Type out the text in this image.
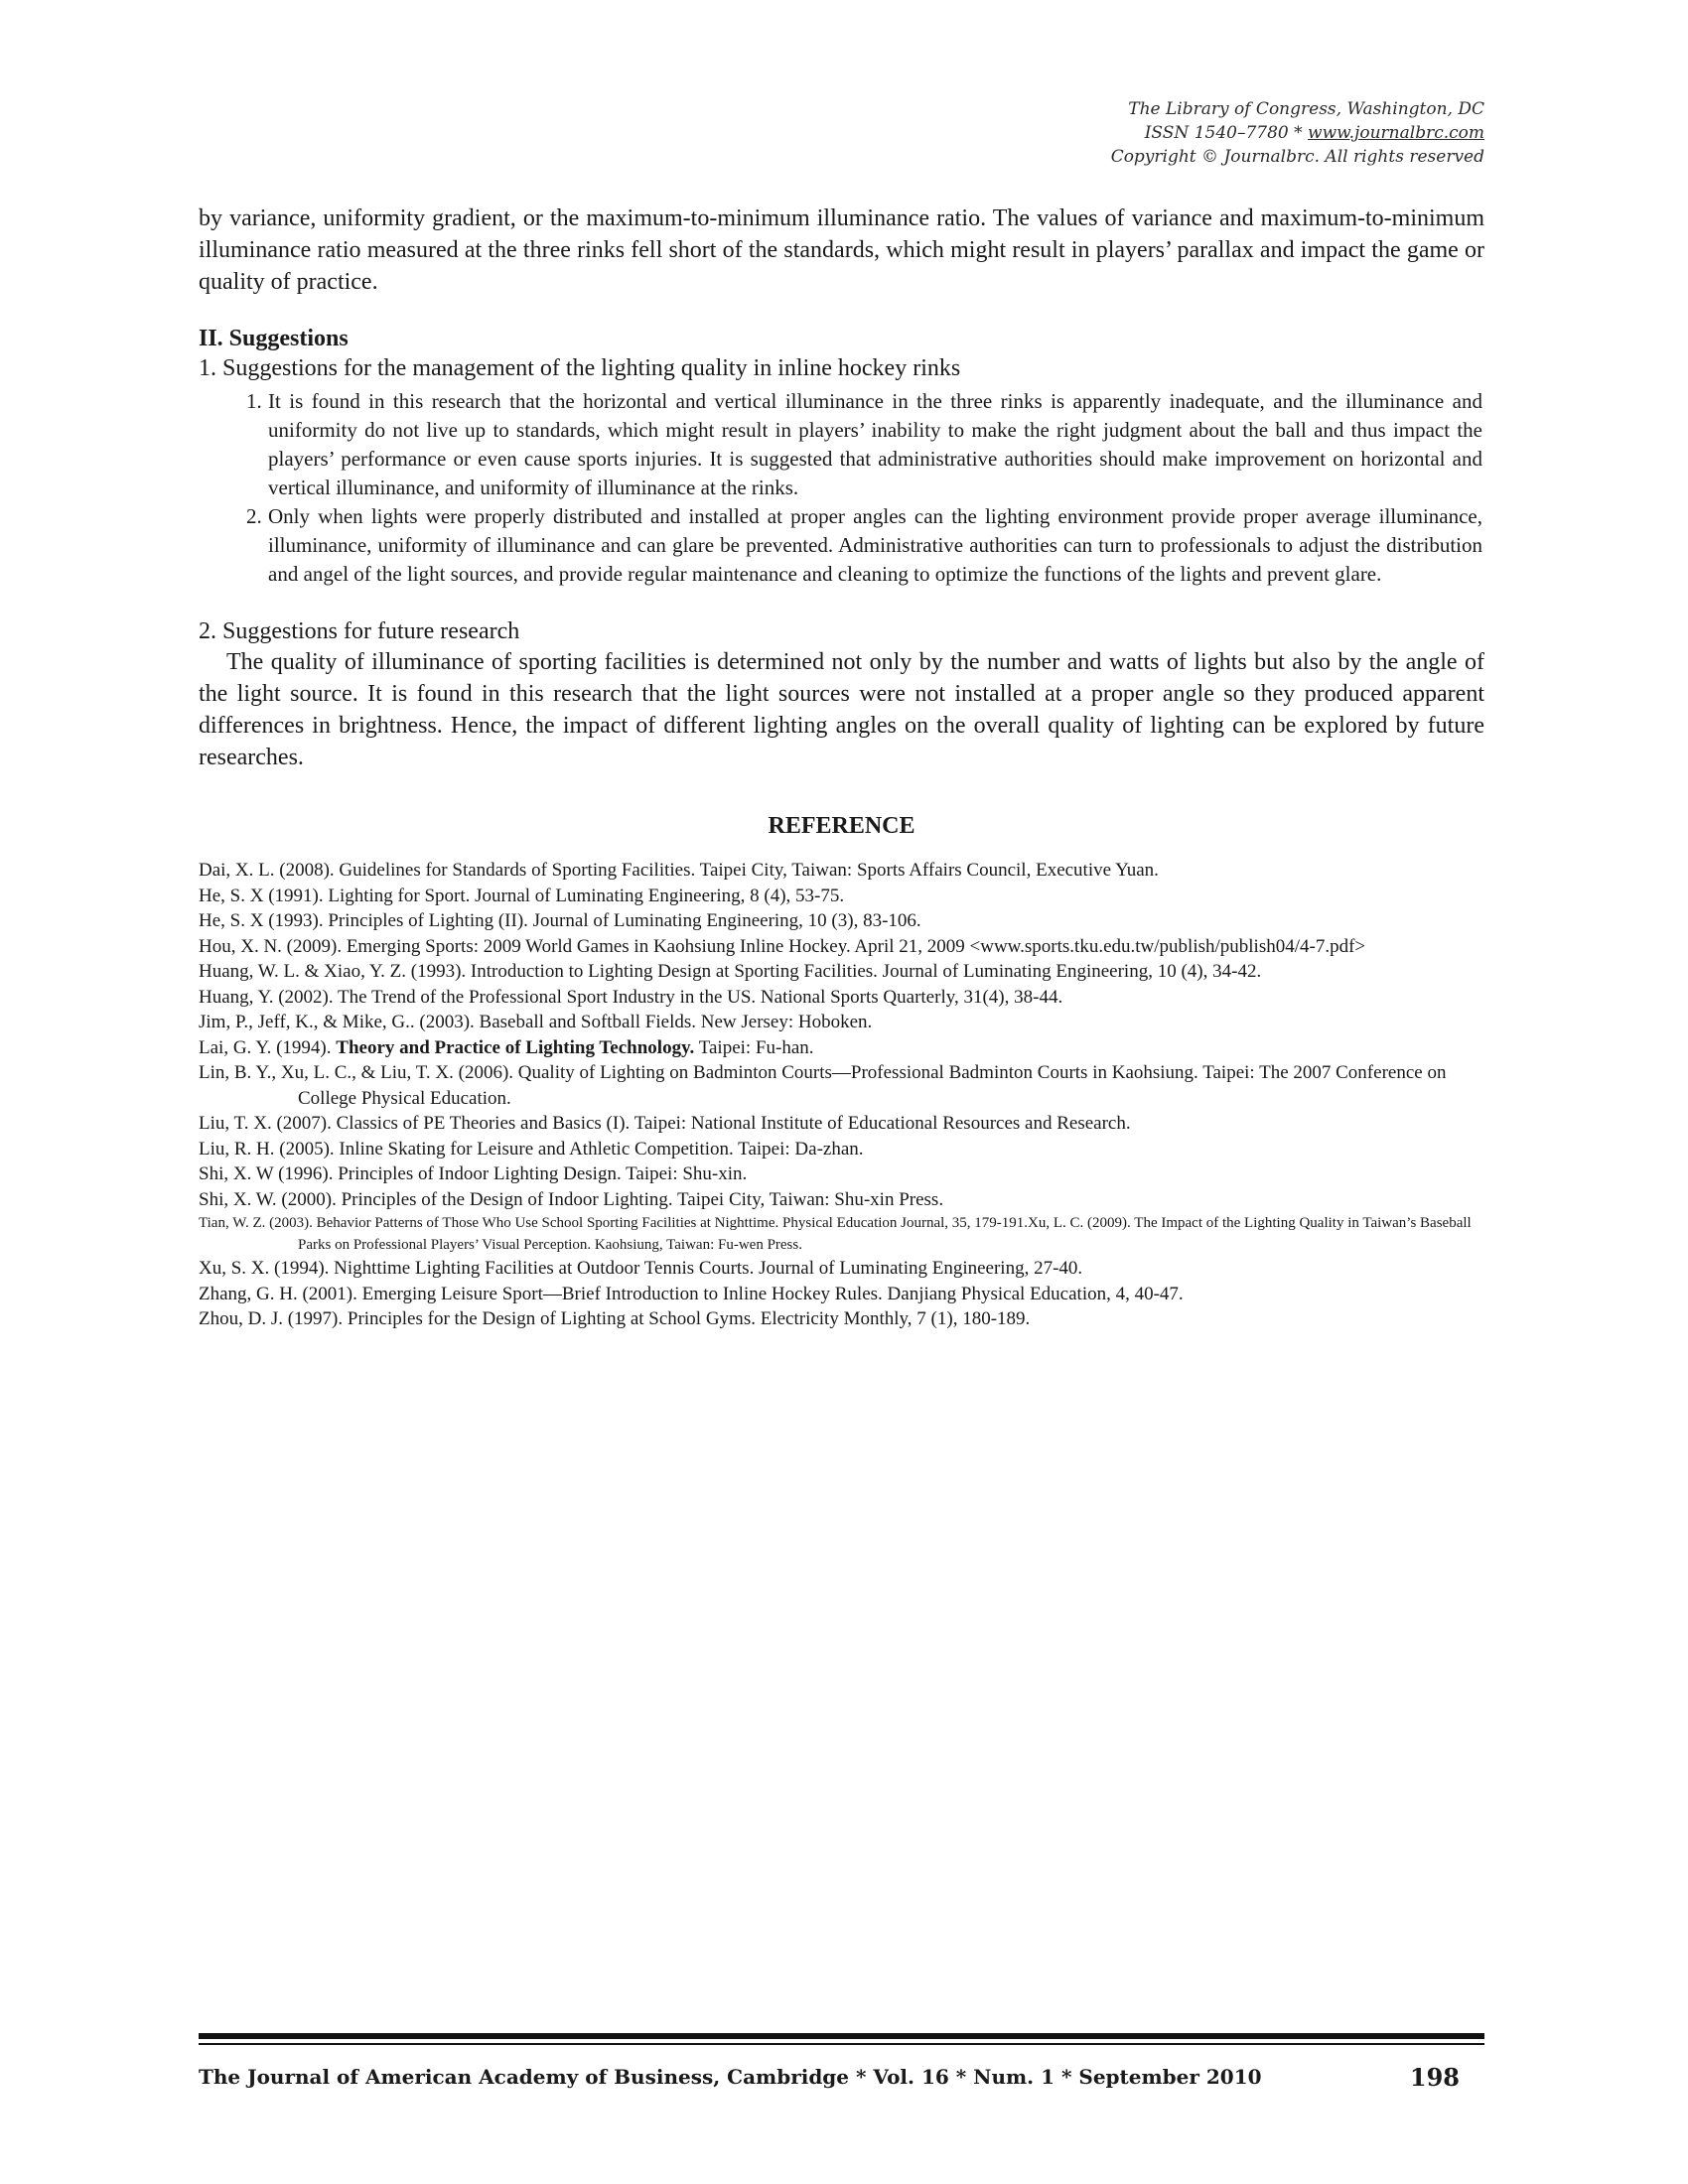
The Library of Congress, Washington, DC
ISSN 1540–7780 * www.journalbrc.com
Copyright © Journalbrc. All rights reserved

by variance, uniformity gradient, or the maximum-to-minimum illuminance ratio. The values of variance and maximum-to-minimum illuminance ratio measured at the three rinks fell short of the standards, which might result in players’ parallax and impact the game or quality of practice.

II. Suggestions
1. Suggestions for the management of the lighting quality in inline hockey rinks
1. It is found in this research that the horizontal and vertical illuminance in the three rinks is apparently inadequate, and the illuminance and uniformity do not live up to standards, which might result in players’ inability to make the right judgment about the ball and thus impact the players’ performance or even cause sports injuries. It is suggested that administrative authorities should make improvement on horizontal and vertical illuminance, and uniformity of illuminance at the rinks.
2. Only when lights were properly distributed and installed at proper angles can the lighting environment provide proper average illuminance, illuminance, uniformity of illuminance and can glare be prevented. Administrative authorities can turn to professionals to adjust the distribution and angel of the light sources, and provide regular maintenance and cleaning to optimize the functions of the lights and prevent glare.
2. Suggestions for future research

The quality of illuminance of sporting facilities is determined not only by the number and watts of lights but also by the angle of the light source. It is found in this research that the light sources were not installed at a proper angle so they produced apparent differences in brightness. Hence, the impact of different lighting angles on the overall quality of lighting can be explored by future researches.

REFERENCE
Dai, X. L. (2008). Guidelines for Standards of Sporting Facilities. Taipei City, Taiwan: Sports Affairs Council, Executive Yuan.
He, S. X (1991). Lighting for Sport. Journal of Luminating Engineering, 8 (4), 53-75.
He, S. X (1993). Principles of Lighting (II). Journal of Luminating Engineering, 10 (3), 83-106.
Hou, X. N. (2009). Emerging Sports: 2009 World Games in Kaohsiung Inline Hockey. April 21, 2009 <www.sports.tku.edu.tw/publish/publish04/4-7.pdf>
Huang, W. L. & Xiao, Y. Z. (1993). Introduction to Lighting Design at Sporting Facilities. Journal of Luminating Engineering, 10 (4), 34-42.
Huang, Y. (2002). The Trend of the Professional Sport Industry in the US. National Sports Quarterly, 31(4), 38-44.
Jim, P., Jeff, K., & Mike, G.. (2003). Baseball and Softball Fields. New Jersey: Hoboken.
Lai, G. Y. (1994). Theory and Practice of Lighting Technology. Taipei: Fu-han.
Lin, B. Y., Xu, L. C., & Liu, T. X. (2006). Quality of Lighting on Badminton Courts—Professional Badminton Courts in Kaohsiung. Taipei: The 2007 Conference on College Physical Education.
Liu, T. X. (2007). Classics of PE Theories and Basics (I). Taipei: National Institute of Educational Resources and Research.
Liu, R. H. (2005). Inline Skating for Leisure and Athletic Competition. Taipei: Da-zhan.
Shi, X. W (1996). Principles of Indoor Lighting Design. Taipei: Shu-xin.
Shi, X. W. (2000). Principles of the Design of Indoor Lighting. Taipei City, Taiwan: Shu-xin Press.
Tian, W. Z. (2003). Behavior Patterns of Those Who Use School Sporting Facilities at Nighttime. Physical Education Journal, 35, 179-191.Xu, L. C. (2009). The Impact of the Lighting Quality in Taiwan’s Baseball Parks on Professional Players’ Visual Perception. Kaohsiung, Taiwan: Fu-wen Press.
Xu, S. X. (1994). Nighttime Lighting Facilities at Outdoor Tennis Courts. Journal of Luminating Engineering, 27-40.
Zhang, G. H. (2001). Emerging Leisure Sport—Brief Introduction to Inline Hockey Rules. Danjiang Physical Education, 4, 40-47.
Zhou, D. J. (1997). Principles for the Design of Lighting at School Gyms. Electricity Monthly, 7 (1), 180-189.
The Journal of American Academy of Business, Cambridge * Vol. 16 * Num. 1 * September 2010	198
